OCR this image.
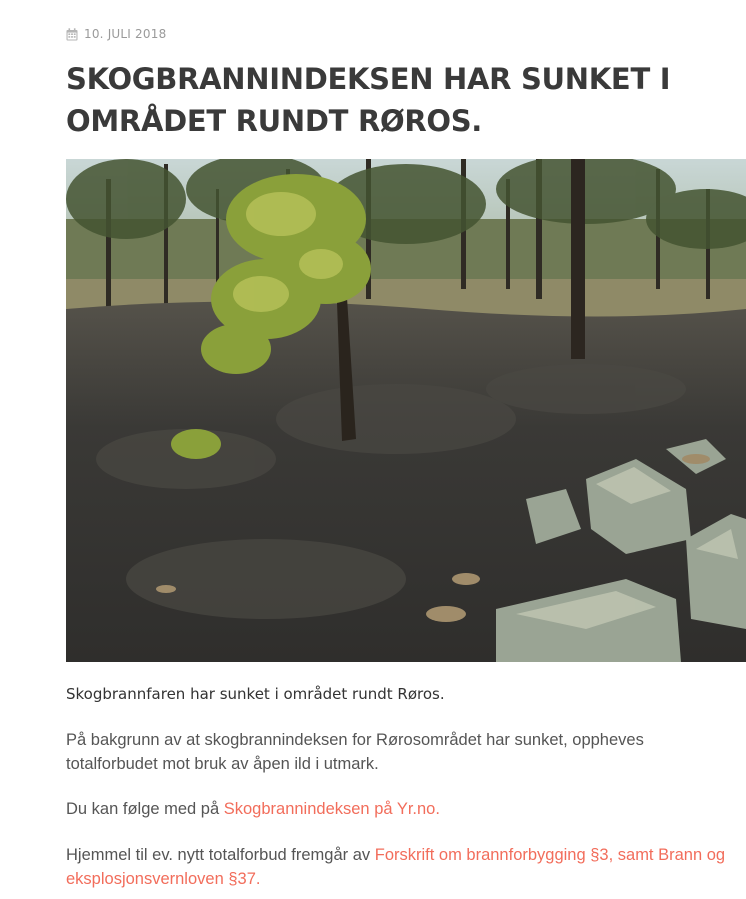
10. JULI 2018
SKOGBRANNINDEKSEN HAR SUNKET I OMRÅDET RUNDT RØROS.

Skogbrannfaren har sunket i området rundt Røros.

På bakgrunn av at skogbrannindeksen for Rørosområdet har sunket, oppheves totalforbudet mot bruk av åpen ild i utmark.

Du kan følge med på Skogbrannindeksen på Yr.no.

Hjemmel til ev. nytt totalforbud fremgår av Forskrift om brannforbygging §3, samt Brann og eksplosjonsvernloven §37.
